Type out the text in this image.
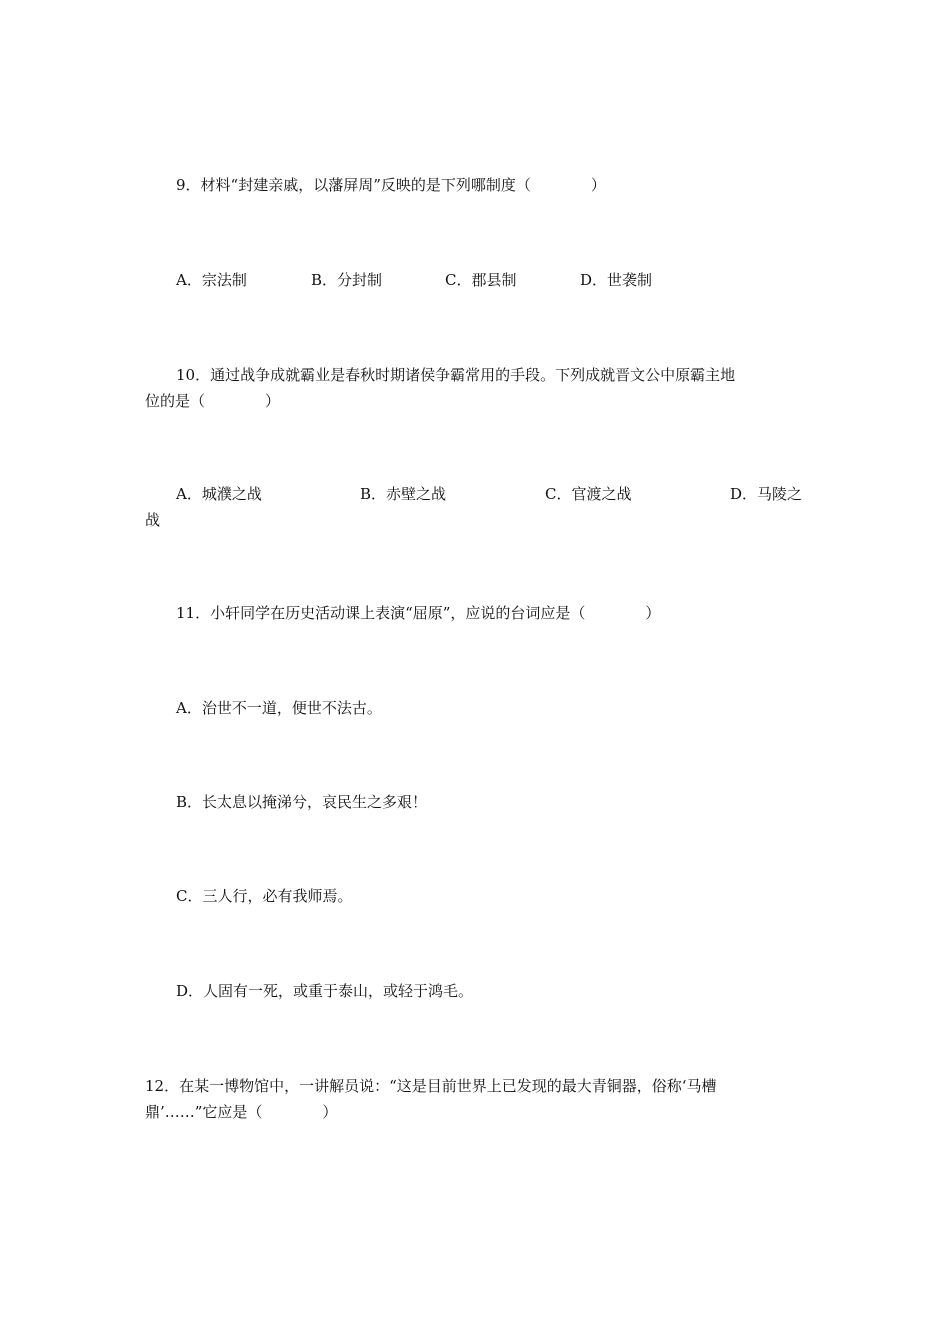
9．材料“封建亲戚，以藩屏周”反映的是下列哪制度（　　　　）
A．宗法制	B．分封制	C．郡县制	D．世袭制
10．通过战争成就霸业是春秋时期诸侯争霸常用的手段。下列成就晋文公中原霸主地
位的是（　　　　）
A．城濮之战	B．赤壁之战	C．官渡之战	D．马陵之
战
11．小轩同学在历史活动课上表演“屈原”，应说的台词应是（　　　　）
A．治世不一道，便世不法古。
B．长太息以掩涕兮，哀民生之多艰！
C．三人行，必有我师焉。
D．人固有一死，或重于泰山，或轻于鸿毛。
12．在某一博物馆中，一讲解员说：“这是目前世界上已发现的最大青铜器，俗称‘马槽
鼎’……”它应是（　　　　）
